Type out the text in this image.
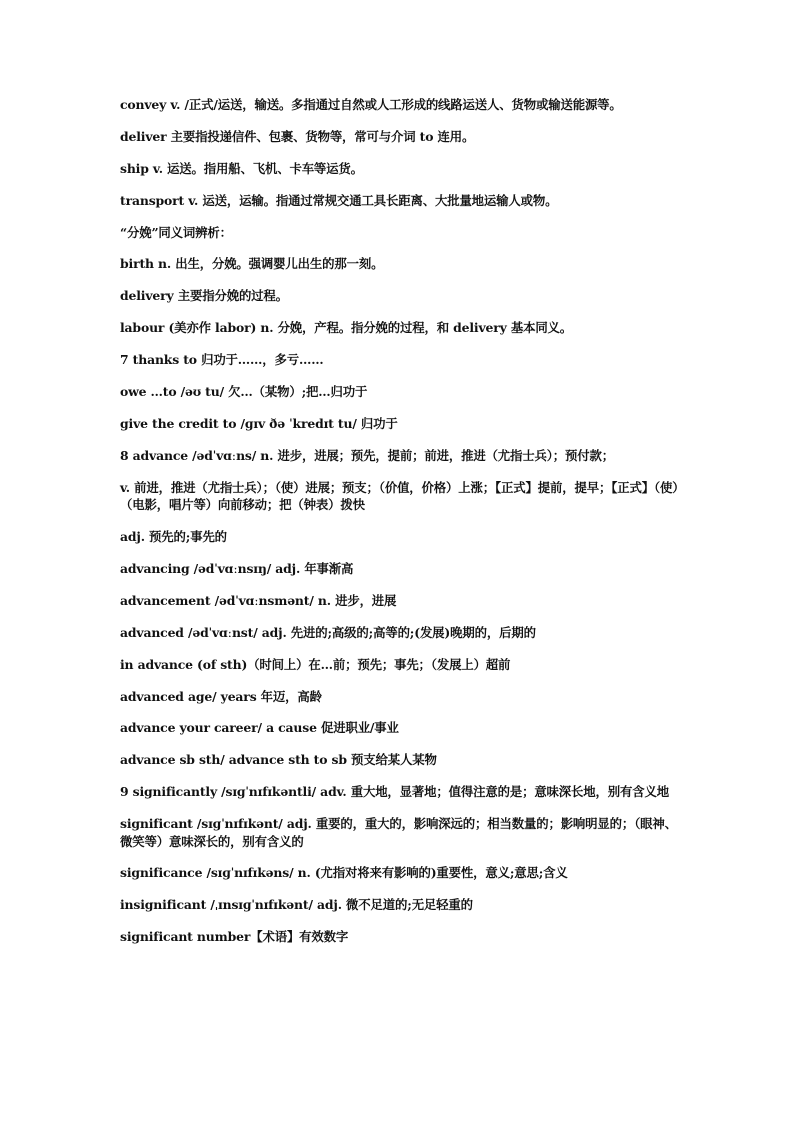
convey v. /正式/运送，输送。多指通过自然或人工形成的线路运送人、货物或输送能源等。

deliver 主要指投递信件、包裹、货物等，常可与介词 to 连用。

ship v. 运送。指用船、飞机、卡车等运货。

transport v. 运送，运输。指通过常规交通工具长距离、大批量地运输人或物。

“分娩”同义词辨析：

birth n. 出生，分娩。强调婴儿出生的那一刻。

delivery 主要指分娩的过程。

labour (美亦作 labor) n. 分娩，产程。指分娩的过程，和 delivery 基本同义。

7 thanks to 归功于……，多亏……

owe …to /əʊ tu/ 欠…（某物）;把…归功于

give the credit to /ɡɪv ðə ˈkredɪt tu/ 归功于

8 advance /ədˈvɑːns/ n. 进步，进展；预先，提前；前进，推进（尤指士兵）；预付款；

v. 前进，推进（尤指士兵）；（使）进展；预支；（价值，价格）上涨；【正式】提前，提早；【正式】（使）（电影，唱片等）向前移动；把（钟表）拨快

adj. 预先的;事先的

advancing /ədˈvɑːnsɪŋ/ adj. 年事渐高

advancement /ədˈvɑːnsmənt/ n. 进步，进展

advanced /ədˈvɑːnst/ adj. 先进的;高级的;高等的;(发展)晚期的，后期的

in advance (of sth)（时间上）在…前；预先；事先；（发展上）超前

advanced age/ years 年迈，高龄

advance your career/ a cause 促进职业/事业

advance sb sth/ advance sth to sb 预支给某人某物

9 significantly /sɪɡˈnɪfɪkəntli/ adv. 重大地，显著地；值得注意的是；意味深长地，别有含义地

significant /sɪɡˈnɪfɪkənt/ adj. 重要的，重大的，影响深远的；相当数量的；影响明显的；（眼神、微笑等）意味深长的，别有含义的

significance /sɪɡˈnɪfɪkəns/ n. (尤指对将来有影响的)重要性，意义;意思;含义

insignificant /ˌɪnsɪɡˈnɪfɪkənt/ adj. 微不足道的;无足轻重的

significant number【术语】有效数字
